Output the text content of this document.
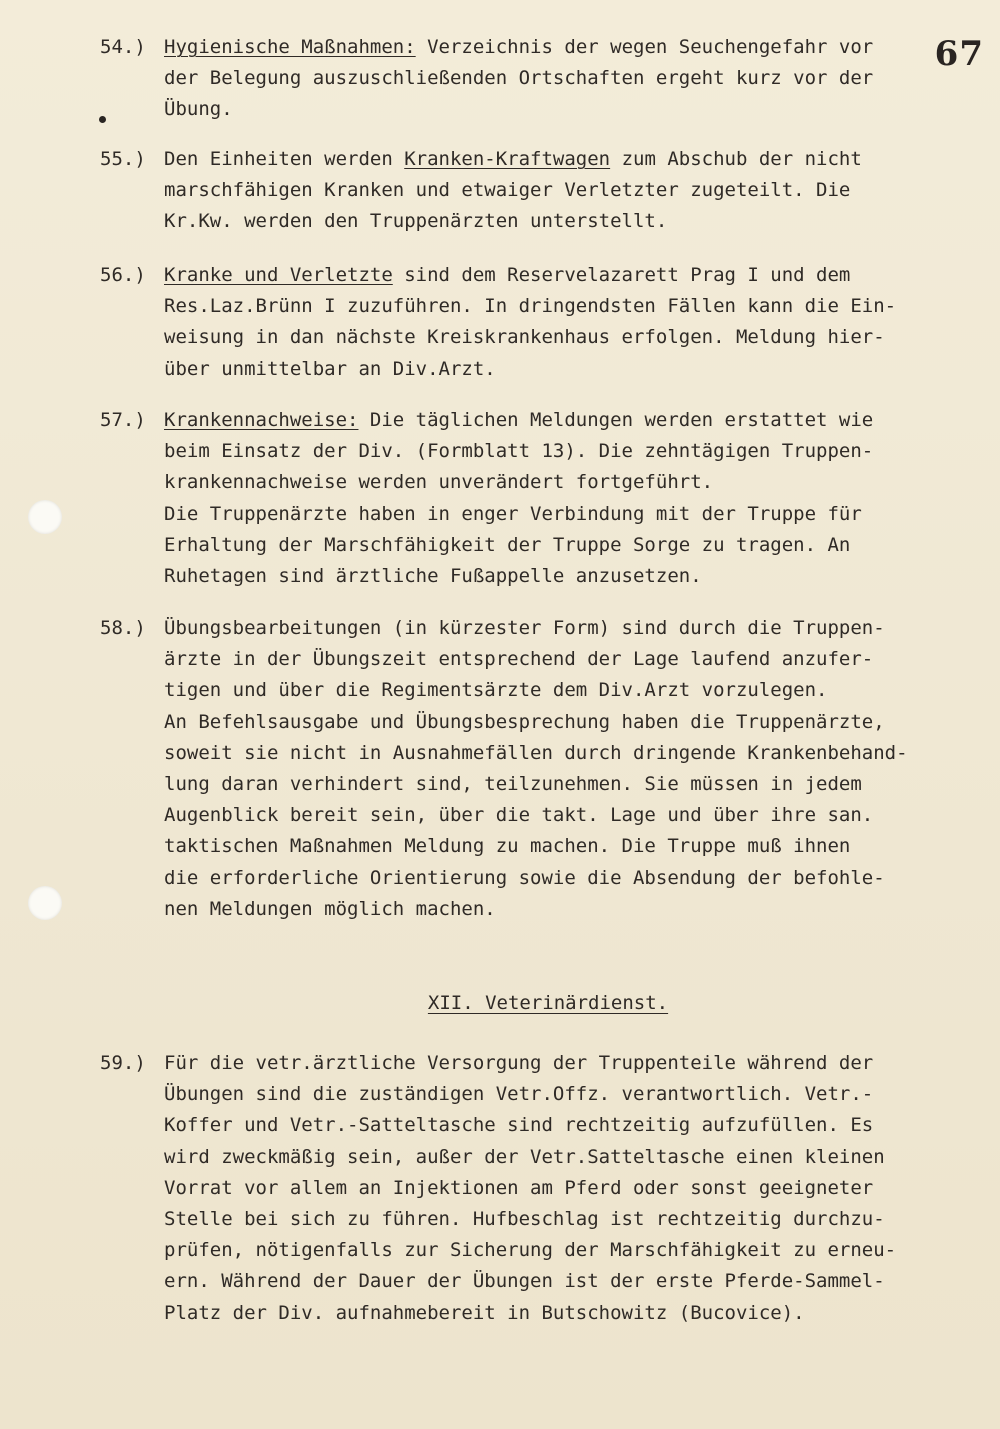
67
54.) Hygienische Maßnahmen: Verzeichnis der wegen Seuchengefahr vor
der Belegung auszuschließenden Ortschaften ergeht kurz vor der
Übung.
55.) Den Einheiten werden Kranken-Kraftwagen zum Abschub der nicht
marschfähigen Kranken und etwaiger Verletzter zugeteilt. Die
Kr.Kw. werden den Truppenärzten unterstellt.
56.) Kranke und Verletzte sind dem Reservelazarett Prag I und dem
Res.Laz.Brünn I zuzuführen. In dringendsten Fällen kann die Ein-
weisung in dan nächste Kreiskrankenhaus erfolgen. Meldung hier-
über unmittelbar an Div.Arzt.
57.) Krankennachweise: Die täglichen Meldungen werden erstattet wie
beim Einsatz der Div. (Formblatt 13). Die zehntägigen Truppen-
krankennachweise werden unverändert fortgeführt.
Die Truppenärzte haben in enger Verbindung mit der Truppe für
Erhaltung der Marschfähigkeit der Truppe Sorge zu tragen. An
Ruhetagen sind ärztliche Fußappelle anzusetzen.
58.) Übungsbearbeitungen (in kürzester Form) sind durch die Truppen-
ärzte in der Übungszeit entsprechend der Lage laufend anzufer-
tigen und über die Regimentsärzte dem Div.Arzt vorzulegen.
An Befehlsausgabe und Übungsbesprechung haben die Truppenärzte,
soweit sie nicht in Ausnahmefällen durch dringende Krankenbehand-
lung daran verhindert sind, teilzunehmen. Sie müssen in jedem
Augenblick bereit sein, über die takt. Lage und über ihre san.
taktischen Maßnahmen Meldung zu machen. Die Truppe muß ihnen
die erforderliche Orientierung sowie die Absendung der befohle-
nen Meldungen möglich machen.
XII. Veterinärdienst.
59.) Für die vetr.ärztliche Versorgung der Truppenteile während der
Übungen sind die zuständigen Vetr.Offz. verantwortlich. Vetr.-
Koffer und Vetr.-Satteltasche sind rechtzeitig aufzufüllen. Es
wird zweckmäßig sein, außer der Vetr.Satteltasche einen kleinen
Vorrat vor allem an Injektionen am Pferd oder sonst geeigneter
Stelle bei sich zu führen. Hufbeschlag ist rechtzeitig durchzu-
prüfen, nötigenfalls zur Sicherung der Marschfähigkeit zu erneu-
ern. Während der Dauer der Übungen ist der erste Pferde-Sammel-
Platz der Div. aufnahmebereit in Butschowitz (Bucovice).
